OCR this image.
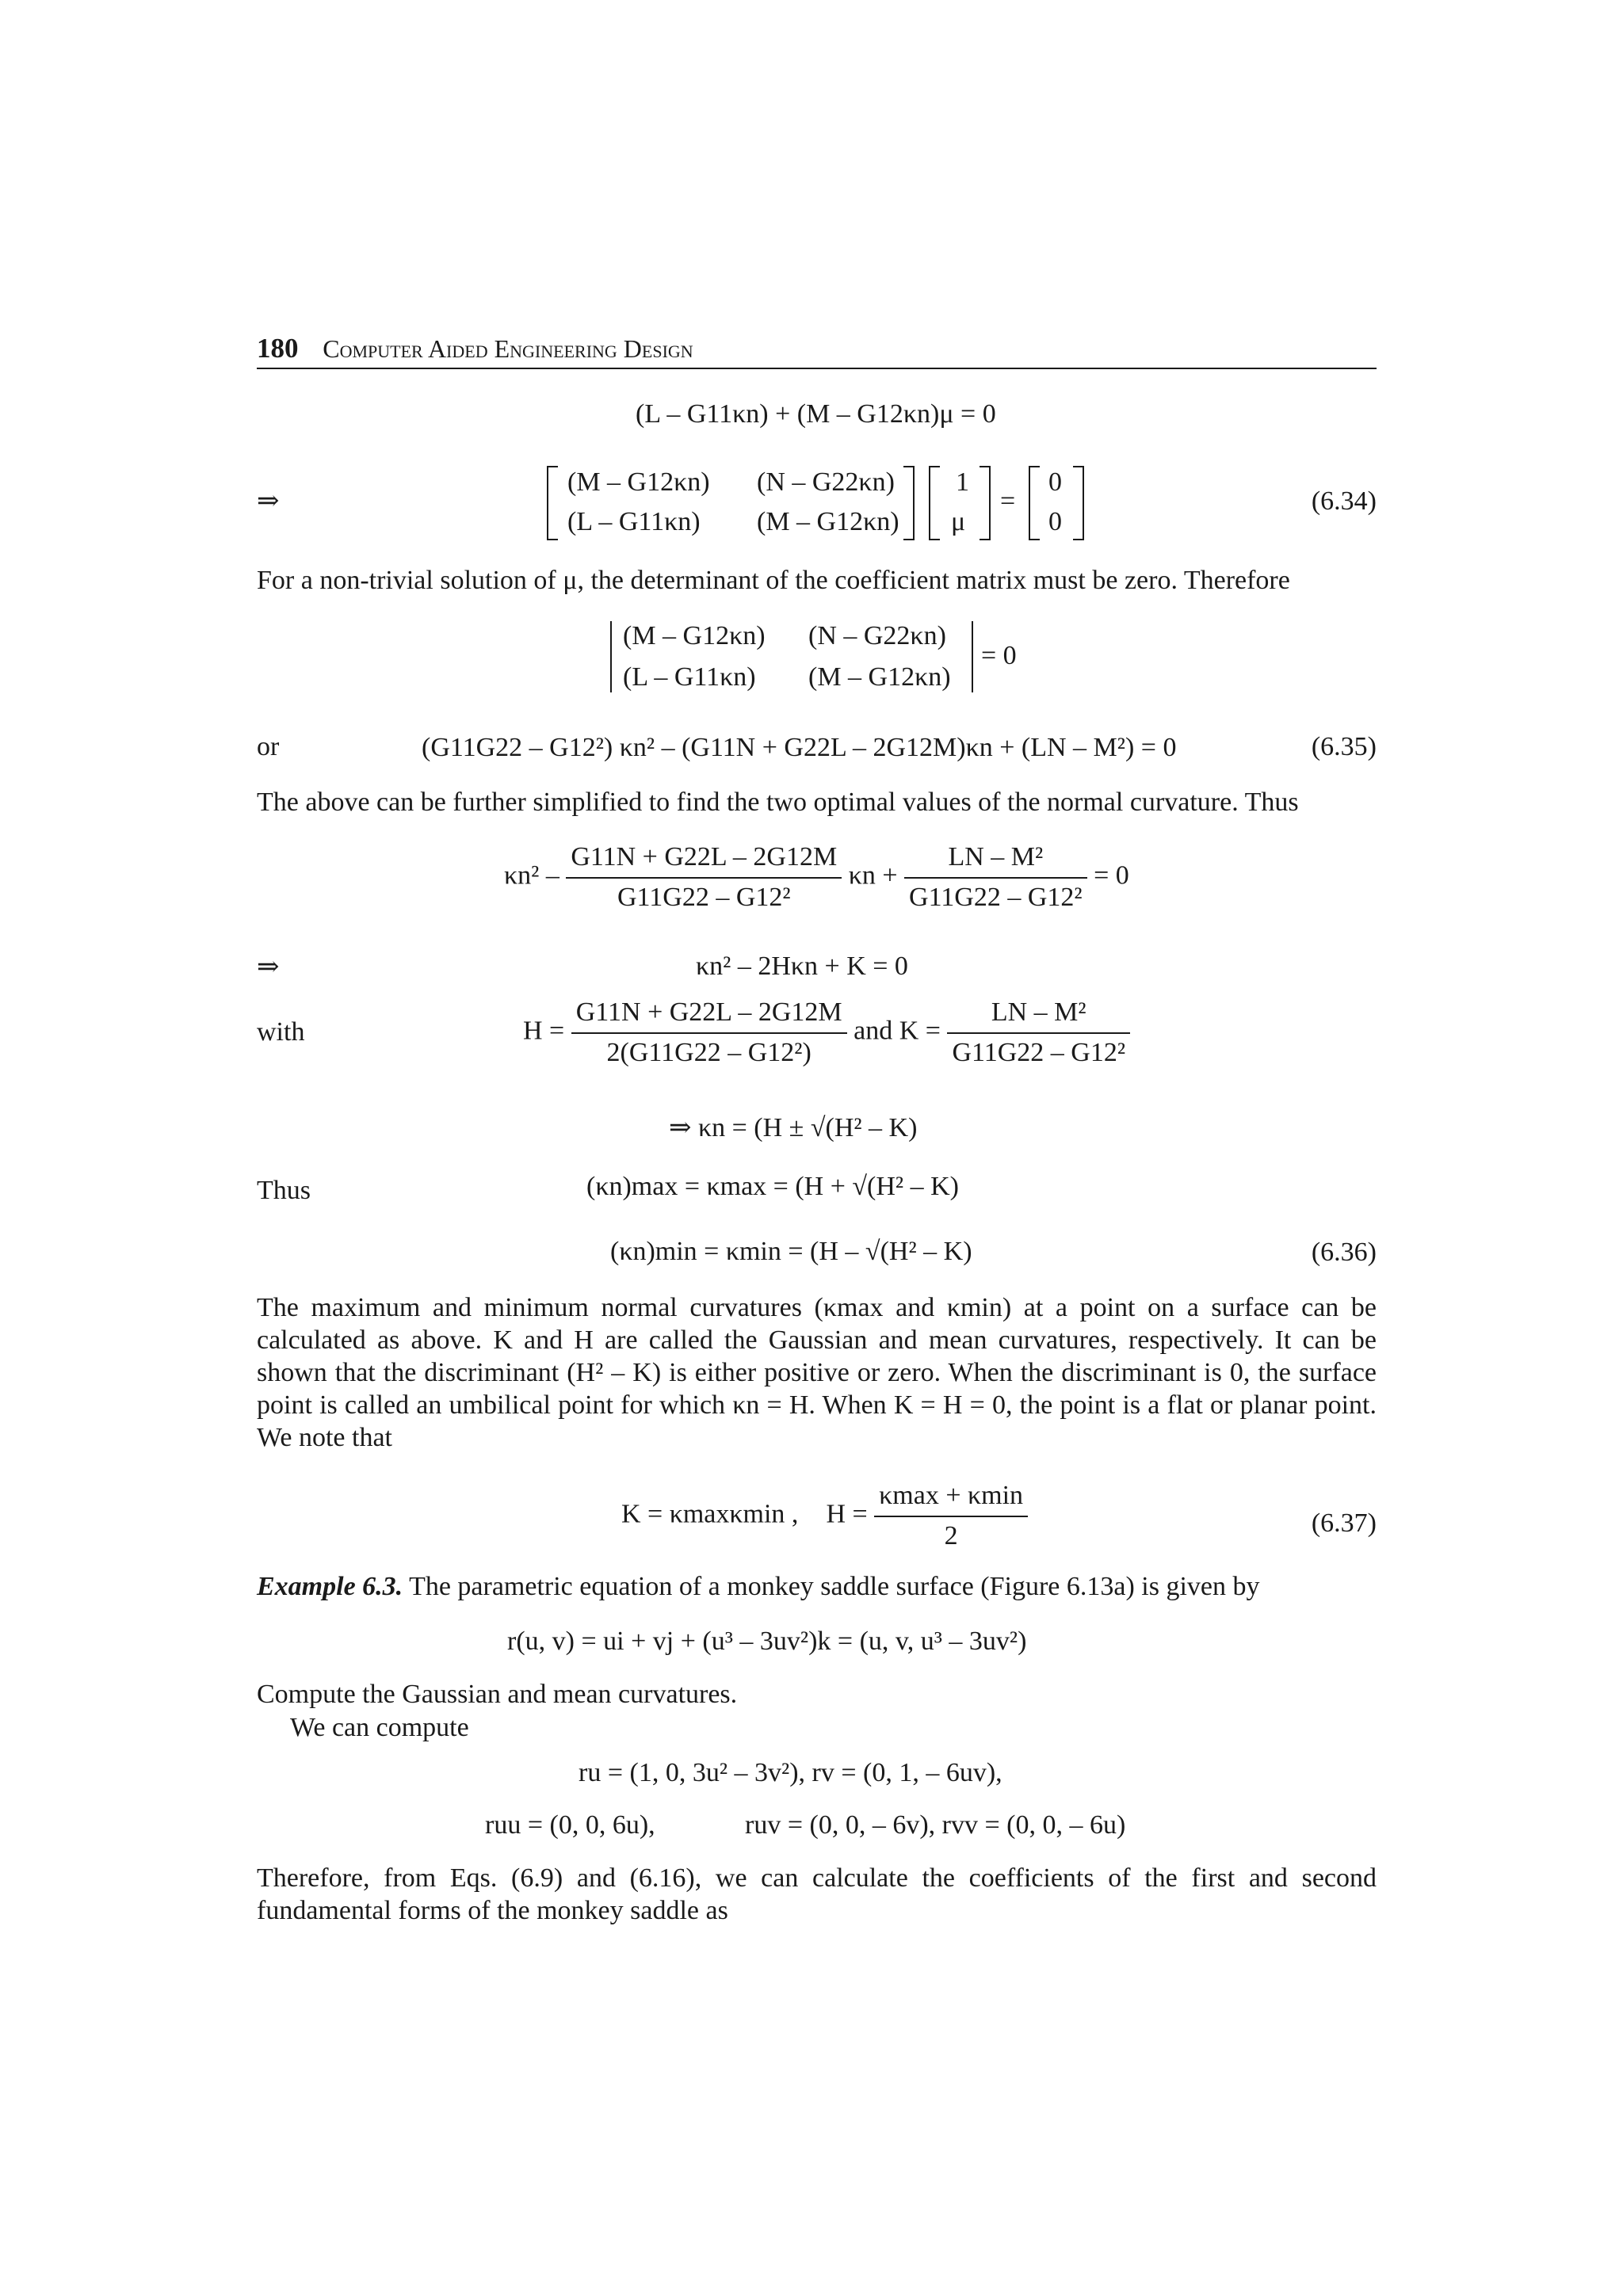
180 Computer Aided Engineering Design
(L – G11κn) + (M – G12κn)μ = 0
⇒
(M – G12κn) (N – G22κn)
(L – G11κn) (M – G12κn)
1
μ
=
0
0
(6.34)
For a non-trivial solution of μ, the determinant of the coefficient matrix must be zero. Therefore
(M – G12κn) (N – G22κn)
(L – G11κn) (M – G12κn)
= 0
or	(G11G22 – G12²) κn² – (G11N + G22L – 2G12M)κn + (LN – M²) = 0	(6.35)
The above can be further simplified to find the two optimal values of the normal curvature. Thus
$\kappa n^2 - \frac{G11N + G22L - 2G12M}{\text{G11G22 – G12²}}$ $\kappa n + \frac{\text{LN – M²}}{\text{G11G22 – G12²}} = 0$
⇒	κn² – 2Hκn + K = 0
with	$H = \frac{G11N + G22L - 2G12M}{\text{2(G11G22 – G12²)}}$ and $K = \frac{\text{LN – M²}}{\text{G11G22 – G12²}}$
⇒ κn = (H ± √(H² – K)
Thus	(κn)max = κmax = (H + √(H² – K)
(κn)min = κmin = (H – √(H² – K)	(6.36)
The maximum and minimum normal curvatures (κmax and κmin) at a point on a surface can be calculated as above. K and H are called the Gaussian and mean curvatures, respectively. It can be shown that the discriminant (H² – K) is either positive or zero. When the discriminant is 0, the surface point is called an umbilical point for which κn = H. When K = H = 0, the point is a flat or planar point. We note that
K = κmaxκmin , $H = \frac{\kappa\max + \kappa\min}{2}$	(6.37)
Example 6.3. The parametric equation of a monkey saddle surface (Figure 6.13a) is given by
r(u, v) = ui + vj + (u³ – 3uv²)k = (u, v, u³ – 3uv²)
Compute the Gaussian and mean curvatures.
We can compute
ru = (1, 0, 3u² – 3v²), rv = (0, 1, – 6uv),
ruu = (0, 0, 6u),	ruv = (0, 0, – 6v), rvv = (0, 0, – 6u)
Therefore, from Eqs. (6.9) and (6.16), we can calculate the coefficients of the first and second fundamental forms of the monkey saddle as
